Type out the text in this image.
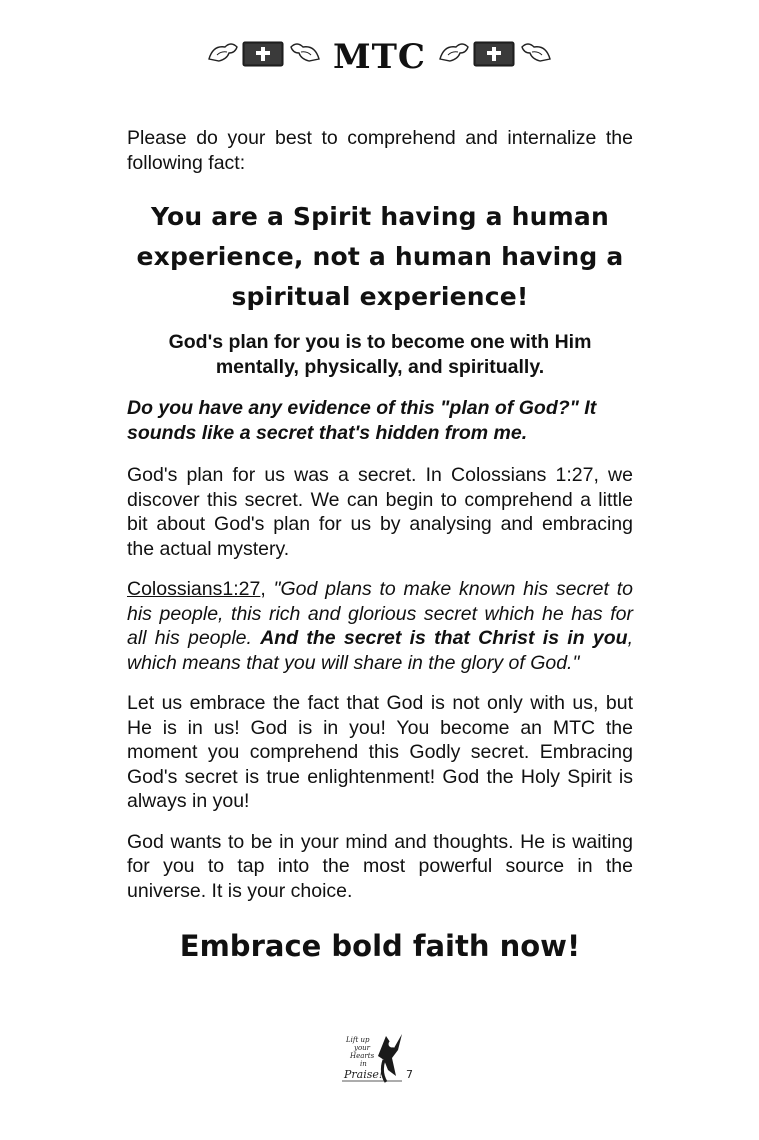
MTC

Please do your best to comprehend and internalize the following fact:

You are a Spirit having a human experience, not a human having a spiritual experience!

God's plan for you is to become one with Him mentally, physically, and spiritually.

Do you have any evidence of this "plan of God?" It sounds like a secret that's hidden from me.

God's plan for us was a secret. In Colossians 1:27, we discover this secret. We can begin to comprehend a little bit about God's plan for us by analysing and embracing the actual mystery.

Colossians1:27, "God plans to make known his secret to his people, this rich and glorious secret which he has for all his people. And the secret is that Christ is in you, which means that you will share in the glory of God."

Let us embrace the fact that God is not only with us, but He is in us! God is in you! You become an MTC the moment you comprehend this Godly secret. Embracing God's secret is true enlightenment! God the Holy Spirit is always in you!

God wants to be in your mind and thoughts. He is waiting for you to tap into the most powerful source in the universe. It is your choice.

Embrace bold faith now!
Lift up
your
Hearts
in
Praise! 7
